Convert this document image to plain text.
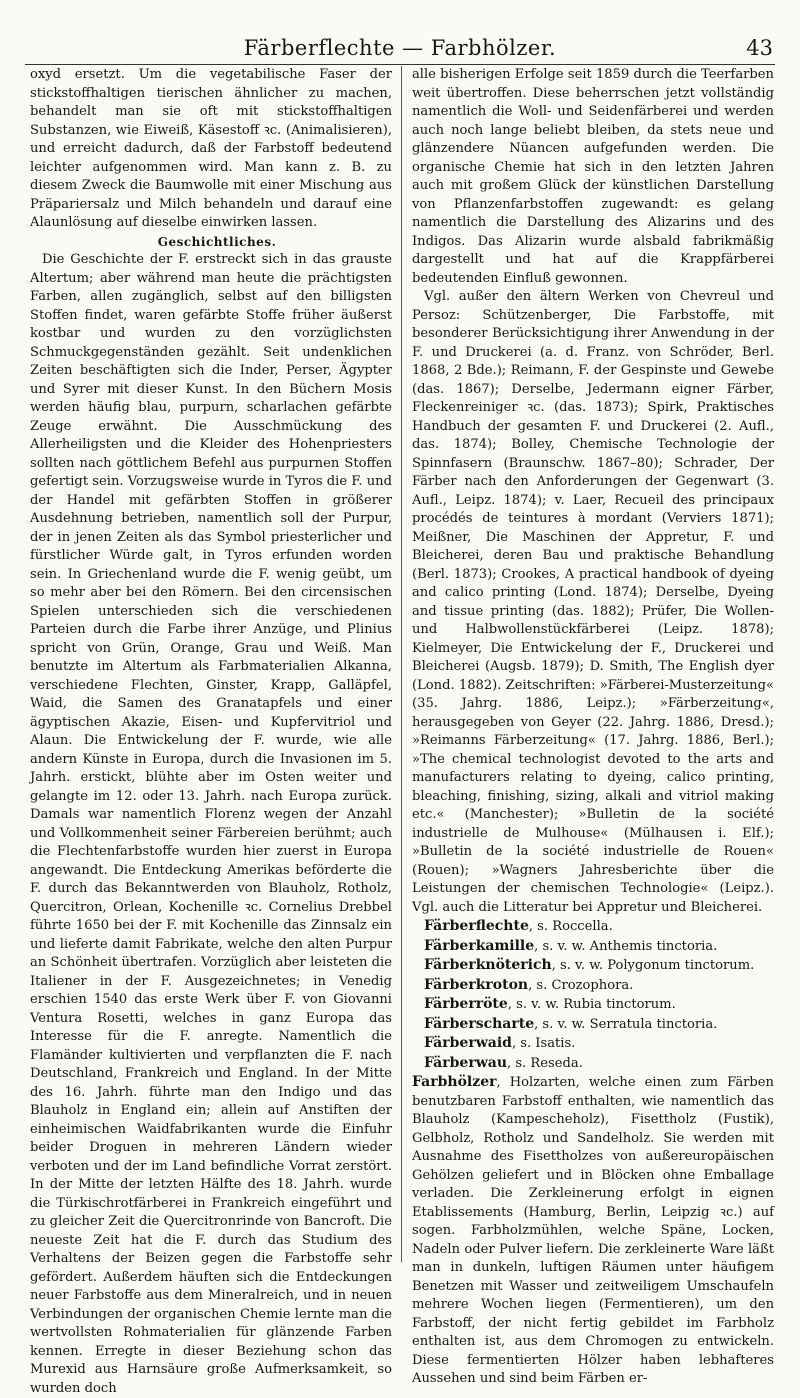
Färberflechte — Farbhölzer.	43

oxyd ersetzt. Um die vegetabilische Faser der stickstoffhaltigen tierischen ähnlicher zu machen, behandelt man sie oft mit stickstoffhaltigen Substanzen, wie Eiweiß, Käsestoff ꝛc. (Animalisieren), und erreicht dadurch, daß der Farbstoff bedeutend leichter aufgenommen wird. Man kann z. B. zu diesem Zweck die Baumwolle mit einer Mischung aus Präpariersalz und Milch behandeln und darauf eine Alaunlösung auf dieselbe einwirken lassen.

Geschichtliches.

Die Geschichte der F. erstreckt sich in das grauste Altertum; aber während man heute die prächtigsten Farben, allen zugänglich, selbst auf den billigsten Stoffen findet, waren gefärbte Stoffe früher äußerst kostbar und wurden zu den vorzüglichsten Schmuckgegenständen gezählt. Seit undenklichen Zeiten beschäftigten sich die Inder, Perser, Ägypter und Syrer mit dieser Kunst. In den Büchern Mosis werden häufig blau, purpurn, scharlachen gefärbte Zeuge erwähnt. Die Ausschmückung des Allerheiligsten und die Kleider des Hohenpriesters sollten nach göttlichem Befehl aus purpurnen Stoffen gefertigt sein. Vorzugsweise wurde in Tyros die F. und der Handel mit gefärbten Stoffen in größerer Ausdehnung betrieben, namentlich soll der Purpur, der in jenen Zeiten als das Symbol priesterlicher und fürstlicher Würde galt, in Tyros erfunden worden sein. In Griechenland wurde die F. wenig geübt, um so mehr aber bei den Römern. Bei den circensischen Spielen unterschieden sich die verschiedenen Parteien durch die Farbe ihrer Anzüge, und Plinius spricht von Grün, Orange, Grau und Weiß. Man benutzte im Altertum als Farbmaterialien Alkanna, verschiedene Flechten, Ginster, Krapp, Galläpfel, Waid, die Samen des Granatapfels und einer ägyptischen Akazie, Eisen- und Kupfervitriol und Alaun. Die Entwickelung der F. wurde, wie alle andern Künste in Europa, durch die Invasionen im 5. Jahrh. erstickt, blühte aber im Osten weiter und gelangte im 12. oder 13. Jahrh. nach Europa zurück. Damals war namentlich Florenz wegen der Anzahl und Vollkommenheit seiner Färbereien berühmt; auch die Flechtenfarbstoffe wurden hier zuerst in Europa angewandt. Die Entdeckung Amerikas beförderte die F. durch das Bekanntwerden von Blauholz, Rotholz, Quercitron, Orlean, Kochenille ꝛc. Cornelius Drebbel führte 1650 bei der F. mit Kochenille das Zinnsalz ein und lieferte damit Fabrikate, welche den alten Purpur an Schönheit übertrafen. Vorzüglich aber leisteten die Italiener in der F. Ausgezeichnetes; in Venedig erschien 1540 das erste Werk über F. von Giovanni Ventura Rosetti, welches in ganz Europa das Interesse für die F. anregte. Namentlich die Flamänder kultivierten und verpflanzten die F. nach Deutschland, Frankreich und England. In der Mitte des 16. Jahrh. führte man den Indigo und das Blauholz in England ein; allein auf Anstiften der einheimischen Waidfabrikanten wurde die Einfuhr beider Droguen in mehreren Ländern wieder verboten und der im Land befindliche Vorrat zerstört. In der Mitte der letzten Hälfte des 18. Jahrh. wurde die Türkischrotfärberei in Frankreich eingeführt und zu gleicher Zeit die Quercitronrinde von Bancroft. Die neueste Zeit hat die F. durch das Studium des Verhaltens der Beizen gegen die Farbstoffe sehr gefördert. Außerdem häuften sich die Entdeckungen neuer Farbstoffe aus dem Mineralreich, und in neuen Verbindungen der organischen Chemie lernte man die wertvollsten Rohmaterialien für glänzende Farben kennen. Erregte in dieser Beziehung schon das Murexid aus Harnsäure große Aufmerksamkeit, so wurden doch

alle bisherigen Erfolge seit 1859 durch die Teerfarben weit übertroffen. Diese beherrschen jetzt vollständig namentlich die Woll- und Seidenfärberei und werden auch noch lange beliebt bleiben, da stets neue und glänzendere Nüancen aufgefunden werden. Die organische Chemie hat sich in den letzten Jahren auch mit großem Glück der künstlichen Darstellung von Pflanzenfarbstoffen zugewandt: es gelang namentlich die Darstellung des Alizarins und des Indigos. Das Alizarin wurde alsbald fabrikmäßig dargestellt und hat auf die Krappfärberei bedeutenden Einfluß gewonnen.

Vgl. außer den ältern Werken von Chevreul und Persoz: Schützenberger, Die Farbstoffe, mit besonderer Berücksichtigung ihrer Anwendung in der F. und Druckerei (a. d. Franz. von Schröder, Berl. 1868, 2 Bde.); Reimann, F. der Gespinste und Gewebe (das. 1867); Derselbe, Jedermann eigner Färber, Fleckenreiniger ꝛc. (das. 1873); Spirk, Praktisches Handbuch der gesamten F. und Druckerei (2. Aufl., das. 1874); Bolley, Chemische Technologie der Spinnfasern (Braunschw. 1867–80); Schrader, Der Färber nach den Anforderungen der Gegenwart (3. Aufl., Leipz. 1874); v. Laer, Recueil des principaux procédés de teintures à mordant (Verviers 1871); Meißner, Die Maschinen der Appretur, F. und Bleicherei, deren Bau und praktische Behandlung (Berl. 1873); Crookes, A practical handbook of dyeing and calico printing (Lond. 1874); Derselbe, Dyeing and tissue printing (das. 1882); Prüfer, Die Wollen- und Halbwollenstückfärberei (Leipz. 1878); Kielmeyer, Die Entwickelung der F., Druckerei und Bleicherei (Augsb. 1879); D. Smith, The English dyer (Lond. 1882). Zeitschriften: »Färberei-Musterzeitung« (35. Jahrg. 1886, Leipz.); »Färberzeitung«, herausgegeben von Geyer (22. Jahrg. 1886, Dresd.); »Reimanns Färberzeitung« (17. Jahrg. 1886, Berl.); »The chemical technologist devoted to the arts and manufacturers relating to dyeing, calico printing, bleaching, finishing, sizing, alkali and vitriol making etc.« (Manchester); »Bulletin de la société industrielle de Mulhouse« (Mülhausen i. Elf.); »Bulletin de la société industrielle de Rouen« (Rouen); »Wagners Jahresberichte über die Leistungen der chemischen Technologie« (Leipz.). Vgl. auch die Litteratur bei Appretur und Bleicherei.

Färberflechte, s. Roccella.

Färberkamille, s. v. w. Anthemis tinctoria.

Färberknöterich, s. v. w. Polygonum tinctorum.

Färberkroton, s. Crozophora.

Färberröte, s. v. w. Rubia tinctorum.

Färberscharte, s. v. w. Serratula tinctoria.

Färberwaid, s. Isatis.

Färberwau, s. Reseda.

Farbhölzer, Holzarten, welche einen zum Färben benutzbaren Farbstoff enthalten, wie namentlich das Blauholz (Kampescheholz), Fisettholz (Fustik), Gelbholz, Rotholz und Sandelholz. Sie werden mit Ausnahme des Fisettholzes von außereuropäischen Gehölzen geliefert und in Blöcken ohne Emballage verladen. Die Zerkleinerung erfolgt in eignen Etablissements (Hamburg, Berlin, Leipzig ꝛc.) auf sogen. Farbholzmühlen, welche Späne, Locken, Nadeln oder Pulver liefern. Die zerkleinerte Ware läßt man in dunkeln, luftigen Räumen unter häufigem Benetzen mit Wasser und zeitweiligem Umschaufeln mehrere Wochen liegen (Fermentieren), um den Farbstoff, der nicht fertig gebildet im Farbholz enthalten ist, aus dem Chromogen zu entwickeln. Diese fermentierten Hölzer haben lebhafteres Aussehen und sind beim Färben er-
